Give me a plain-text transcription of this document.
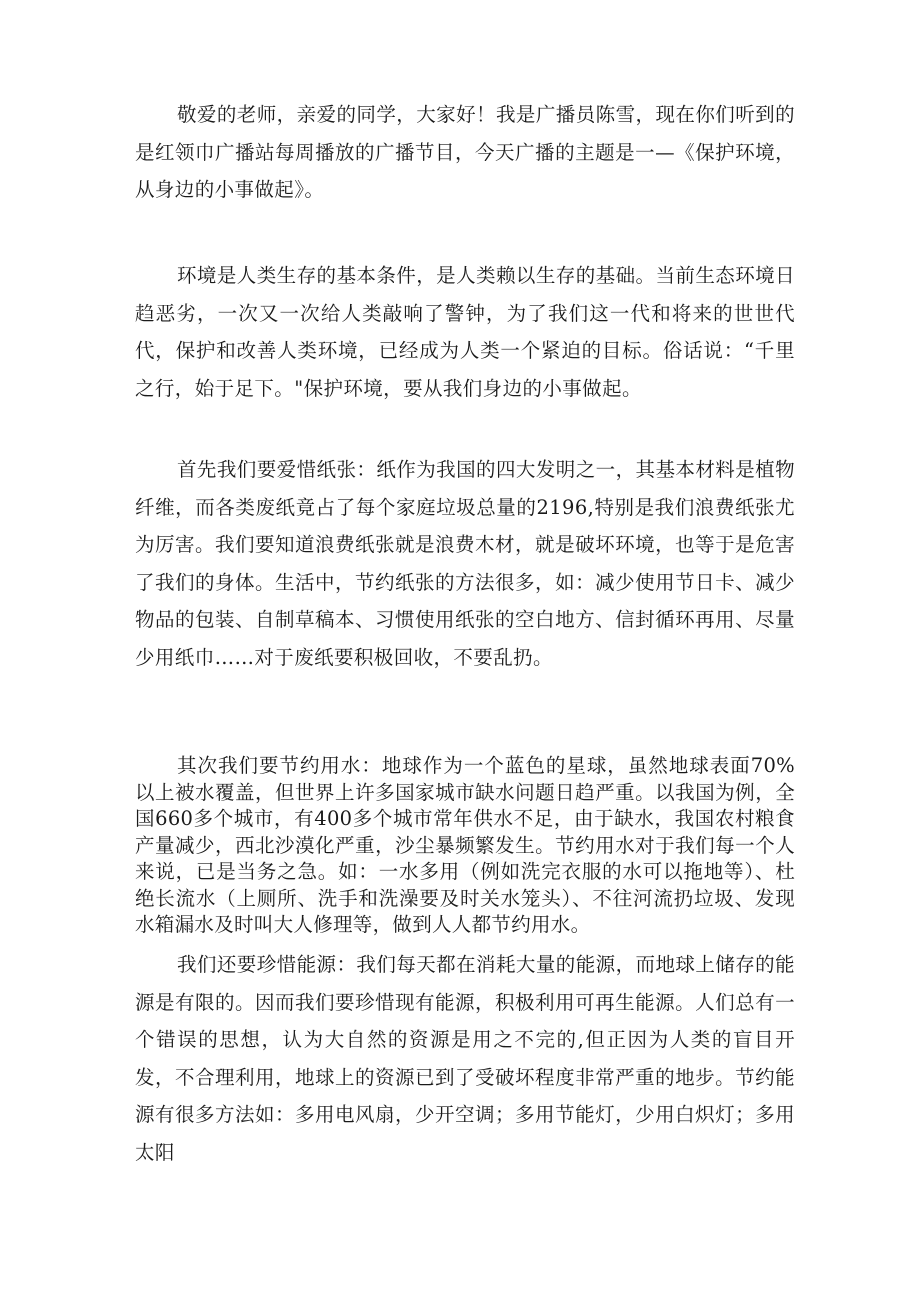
敬爱的老师，亲爱的同学，大家好！我是广播员陈雪，现在你们听到的是红领巾广播站每周播放的广播节目，今天广播的主题是一—《保护环境，从身边的小事做起》。

环境是人类生存的基本条件，是人类赖以生存的基础。当前生态环境日趋恶劣，一次又一次给人类敲响了警钟，为了我们这一代和将来的世世代代，保护和改善人类环境，已经成为人类一个紧迫的目标。俗话说：“千里之行，始于足下。"保护环境，要从我们身边的小事做起。

首先我们要爱惜纸张：纸作为我国的四大发明之一，其基本材料是植物纤维，而各类废纸竟占了每个家庭垃圾总量的2196,特别是我们浪费纸张尤为厉害。我们要知道浪费纸张就是浪费木材，就是破坏环境，也等于是危害了我们的身体。生活中，节约纸张的方法很多，如：减少使用节日卡、减少物品的包装、自制草稿本、习惯使用纸张的空白地方、信封循环再用、尽量少用纸巾……对于废纸要积极回收，不要乱扔。

其次我们要节约用水：地球作为一个蓝色的星球，虽然地球表面70%以上被水覆盖，但世界上许多国家城市缺水问题日趋严重。以我国为例，全国660多个城市，有400多个城市常年供水不足，由于缺水，我国农村粮食产量减少，西北沙漠化严重，沙尘暴频繁发生。节约用水对于我们每一个人来说，已是当务之急。如：一水多用（例如洗完衣服的水可以拖地等）、杜绝长流水（上厕所、洗手和洗澡要及时关水笼头）、不往河流扔垃圾、发现水箱漏水及时叫大人修理等，做到人人都节约用水。

我们还要珍惜能源：我们每天都在消耗大量的能源，而地球上储存的能源是有限的。因而我们要珍惜现有能源，积极利用可再生能源。人们总有一个错误的思想，认为大自然的资源是用之不完的,但正因为人类的盲目开发，不合理利用，地球上的资源已到了受破坏程度非常严重的地步。节约能源有很多方法如：多用电风扇，少开空调；多用节能灯，少用白炽灯；多用太阳
